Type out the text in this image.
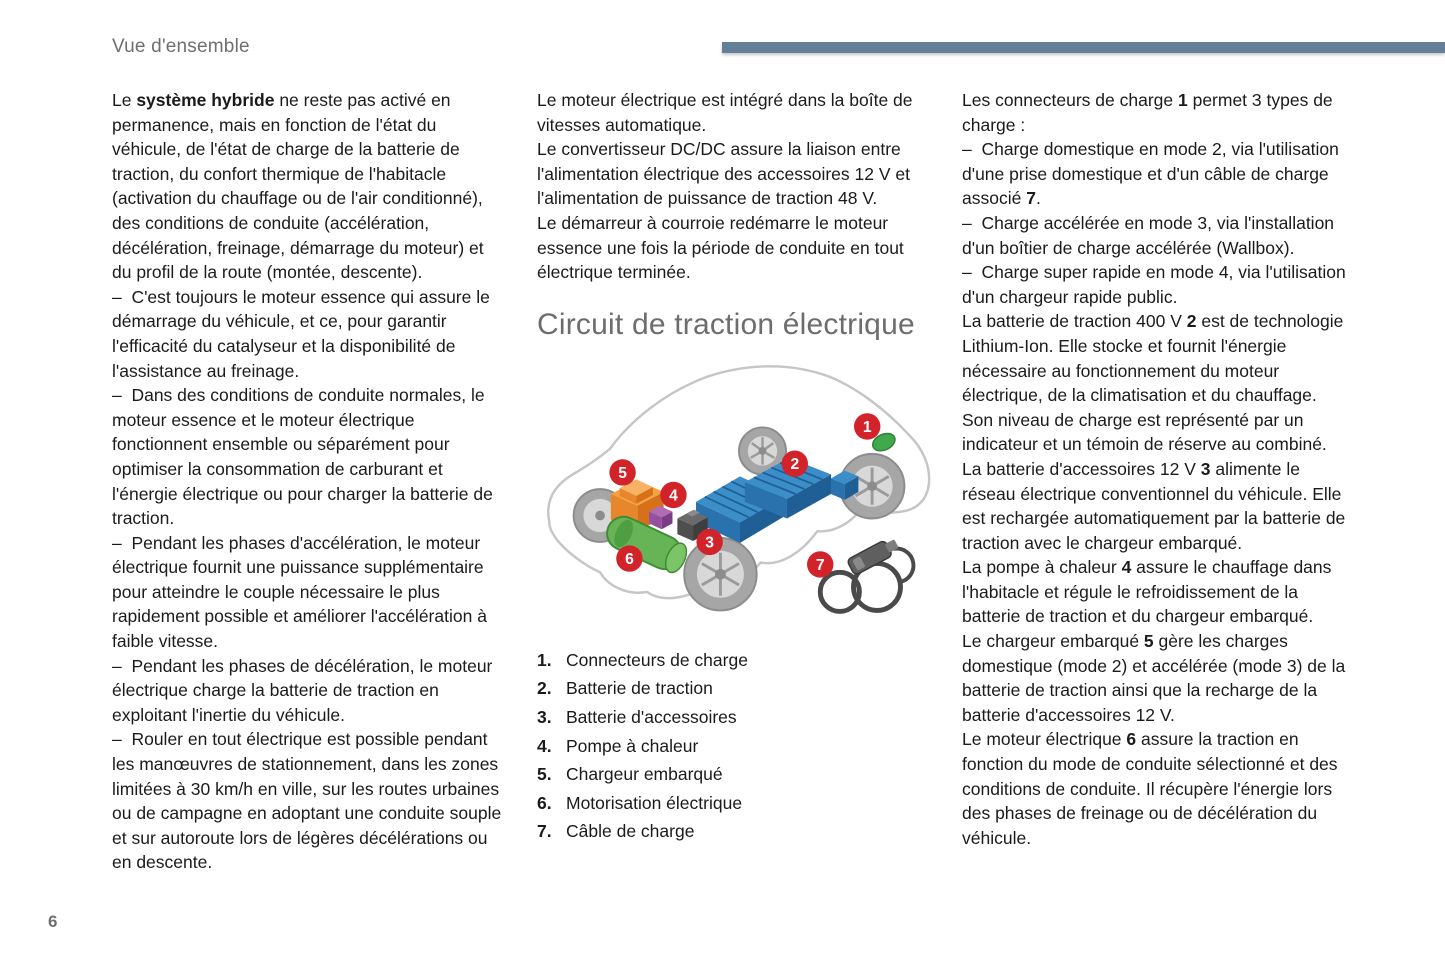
Vue d'ensemble

Le système hybride ne reste pas activé en permanence, mais en fonction de l'état du véhicule, de l'état de charge de la batterie de traction, du confort thermique de l'habitacle (activation du chauffage ou de l'air conditionné), des conditions de conduite (accélération, décélération, freinage, démarrage du moteur) et du profil de la route (montée, descente).

–  C'est toujours le moteur essence qui assure le démarrage du véhicule, et ce, pour garantir l'efficacité du catalyseur et la disponibilité de l'assistance au freinage.

–  Dans des conditions de conduite normales, le moteur essence et le moteur électrique fonctionnent ensemble ou séparément pour optimiser la consommation de carburant et l'énergie électrique ou pour charger la batterie de traction.

–  Pendant les phases d'accélération, le moteur électrique fournit une puissance supplémentaire pour atteindre le couple nécessaire le plus rapidement possible et améliorer l'accélération à faible vitesse.

–  Pendant les phases de décélération, le moteur électrique charge la batterie de traction en exploitant l'inertie du véhicule.

–  Rouler en tout électrique est possible pendant les manœuvres de stationnement, dans les zones limitées à 30 km/h en ville, sur les routes urbaines ou de campagne en adoptant une conduite souple et sur autoroute lors de légères décélérations ou en descente.

Le moteur électrique est intégré dans la boîte de vitesses automatique.

Le convertisseur DC/DC assure la liaison entre l'alimentation électrique des accessoires 12 V et l'alimentation de puissance de traction 48 V.

Le démarreur à courroie redémarre le moteur essence une fois la période de conduite en tout électrique terminée.

Circuit de traction électrique
1
2
3
4
5
6	7
1. Connecteurs de charge
2. Batterie de traction
3. Batterie d'accessoires
4. Pompe à chaleur
5. Chargeur embarqué
6. Motorisation électrique
7. Câble de charge

Les connecteurs de charge 1 permet 3 types de charge :

–  Charge domestique en mode 2, via l'utilisation d'une prise domestique et d'un câble de charge associé 7.

–  Charge accélérée en mode 3, via l'installation d'un boîtier de charge accélérée (Wallbox).

–  Charge super rapide en mode 4, via l'utilisation d'un chargeur rapide public.

La batterie de traction 400 V 2 est de technologie Lithium-Ion. Elle stocke et fournit l'énergie nécessaire au fonctionnement du moteur électrique, de la climatisation et du chauffage. Son niveau de charge est représenté par un indicateur et un témoin de réserve au combiné.

La batterie d'accessoires 12 V 3 alimente le réseau électrique conventionnel du véhicule. Elle est rechargée automatiquement par la batterie de traction avec le chargeur embarqué.

La pompe à chaleur 4 assure le chauffage dans l'habitacle et régule le refroidissement de la batterie de traction et du chargeur embarqué.

Le chargeur embarqué 5 gère les charges domestique (mode 2) et accélérée (mode 3) de la batterie de traction ainsi que la recharge de la batterie d'accessoires 12 V.

Le moteur électrique 6 assure la traction en fonction du mode de conduite sélectionné et des conditions de conduite. Il récupère l'énergie lors des phases de freinage ou de décélération du véhicule.

6
